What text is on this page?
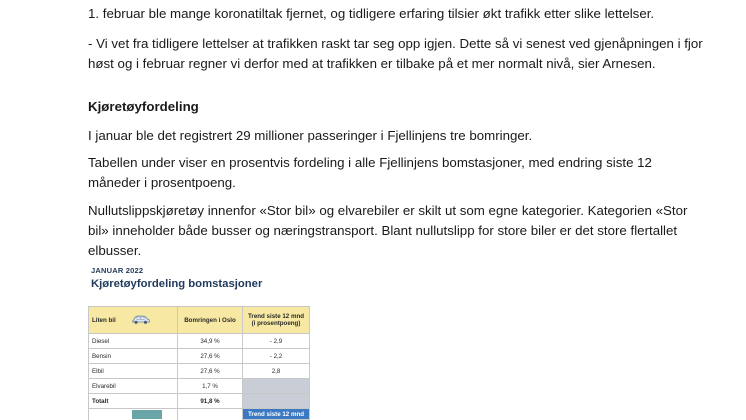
1. februar ble mange koronatiltak fjernet, og tidligere erfaring tilsier økt trafikk etter slike lettelser.

- Vi vet fra tidligere lettelser at trafikken raskt tar seg opp igjen. Dette så vi senest ved gjenåpningen i fjor høst og i februar regner vi derfor med at trafikken er tilbake på et mer normalt nivå, sier Arnesen.

Kjøretøyfordeling

I januar ble det registrert 29 millioner passeringer i Fjellinjens tre bomringer.

Tabellen under viser en prosentvis fordeling i alle Fjellinjens bomstasjoner, med endring siste 12 måneder i prosentpoeng.

Nullutslippskjøretøy innenfor «Stor bil» og elvarebiler er skilt ut som egne kategorier. Kategorien «Stor bil» inneholder både busser og næringstransport. Blant nullutslipp for store biler er det store flertallet elbusser.

JANUAR 2022
Kjøretøyfordeling bomstasjoner
Liten bil	Bomringen i Oslo	Trend siste 12 mnd
(i prosentpoeng)

Diesel	34,9 %	- 2,9
Bensin	27,6 %	- 2,2
Elbil	27,6 %	2,8
Elvarebil	1,7 %	
Totalt	91,8 %	
		Trend siste 12 mnd
